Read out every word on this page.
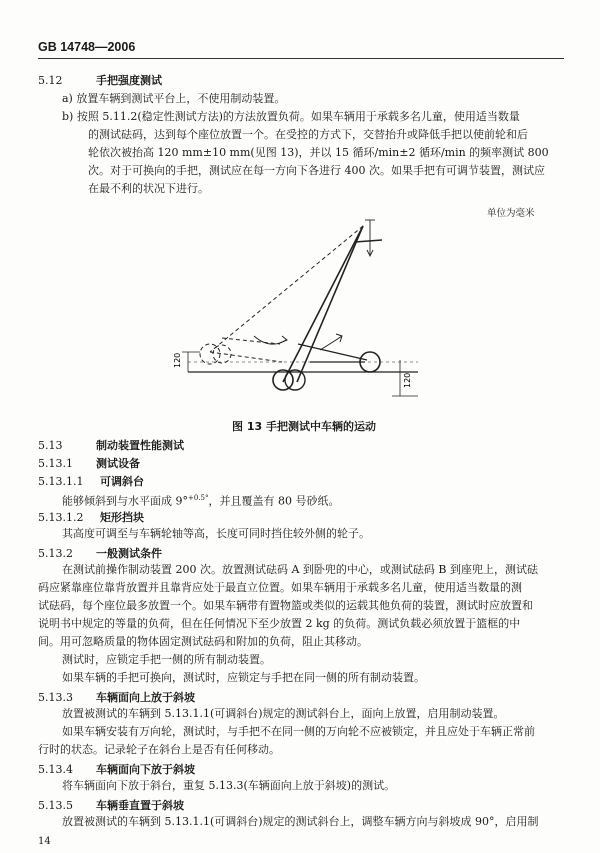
GB 14748—2006
5.12	手把强度测试
a) 放置车辆到测试平台上，不使用制动装置。
b) 按照 5.11.2(稳定性测试方法)的方法放置负荷。如果车辆用于承载多名儿童，使用适当数量
的测试砝码，达到每个座位放置一个。在受控的方式下，交替抬升或降低手把以使前轮和后
轮依次被抬高 120 mm±10 mm(见图 13)，并以 15 循环/min±2 循环/min 的频率测试 800
次。对于可换向的手把，测试应在每一方向下各进行 400 次。如果手把有可调节装置，测试应
在最不利的状况下进行。
单位为毫米
120
120
图 13 手把测试中车辆的运动
5.13	制动装置性能测试
5.13.1 测试设备
5.13.1.1 可调斜台
能够倾斜到与水平面成 9°$^{+0.5^\circ}$，并且覆盖有 80 号砂纸。
5.13.1.2 矩形挡块
其高度可调至与车辆轮轴等高，长度可同时挡住较外侧的轮子。
5.13.2 一般测试条件
在测试前操作制动装置 200 次。放置测试砝码 A 到卧兜的中心，或测试砝码 B 到座兜上，测试砝
码应紧靠座位靠背放置并且靠背应处于最直立位置。如果车辆用于承载多名儿童，使用适当数量的测
试砝码，每个座位最多放置一个。如果车辆带有置物篮或类似的运载其他负荷的装置，测试时应放置和
说明书中规定的等量的负荷，但在任何情况下至少放置 2 kg 的负荷。测试负载必须放置于篮框的中
间。用可忽略质量的物体固定测试砝码和附加的负荷，阻止其移动。
测试时，应锁定手把一侧的所有制动装置。
如果车辆的手把可换向，测试时，应锁定与手把在同一侧的所有制动装置。
5.13.3 车辆面向上放于斜坡
放置被测试的车辆到 5.13.1.1(可调斜台)规定的测试斜台上，面向上放置，启用制动装置。
如果车辆安装有万向轮，测试时，与手把不在同一侧的万向轮不应被锁定，并且应处于车辆正常前
行时的状态。记录轮子在斜台上是否有任何移动。
5.13.4 车辆面向下放于斜坡
将车辆面向下放于斜台，重复 5.13.3(车辆面向上放于斜坡)的测试。
5.13.5 车辆垂直置于斜坡
放置被测试的车辆到 5.13.1.1(可调斜台)规定的测试斜台上，调整车辆方向与斜坡成 90°，启用制
14
